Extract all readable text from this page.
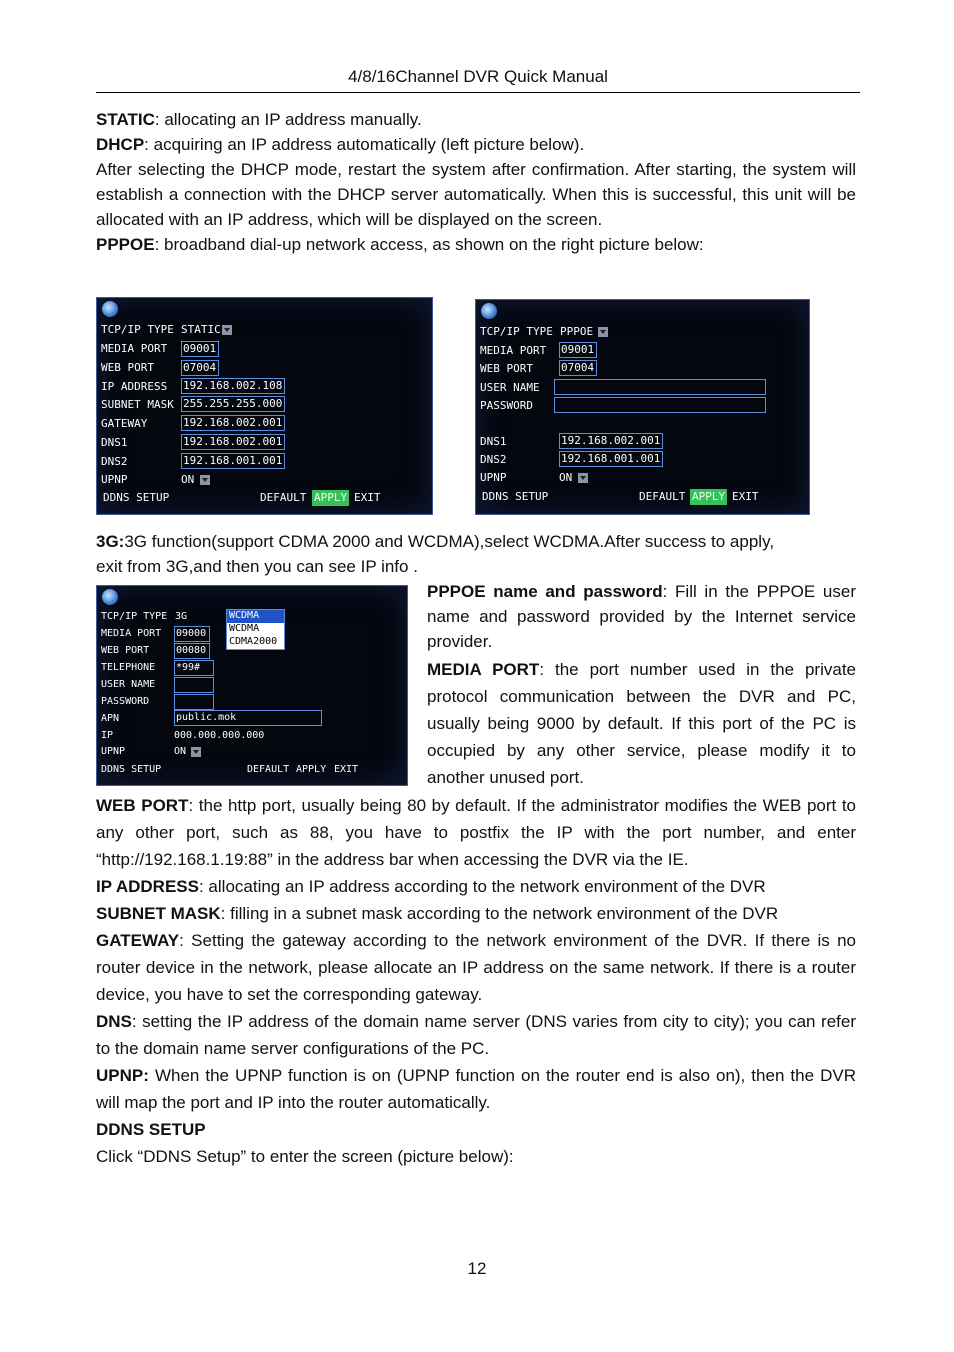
4/8/16Channel DVR Quick Manual

STATIC: allocating an IP address manually.

DHCP: acquiring an IP address automatically (left picture below).

After selecting the DHCP mode, restart the system after confirmation. After starting, the system will establish a connection with the DHCP server automatically. When this is successful, this unit will be allocated with an IP address, which will be displayed on the screen.

PPPOE: broadband dial-up network access, as shown on the right picture below:

TCP/IP TYPE STATIC
MEDIA PORT 09001
WEB PORT	07004
IP ADDRESS 192.168.002.108
SUBNET MASK 255.255.255.000
GATEWAY	192.168.002.001
DNS1	192.168.002.001
DNS2	192.168.001.001
UPNP	ON
DDNS SETUP	DEFAULT APPLY EXIT
TCP/IP TYPE PPPOE
MEDIA PORT 09001
WEB PORT	07004
USER NAME
PASSWORD
DNS1	192.168.002.001
DNS2	192.168.001.001
UPNP	ON
DDNS SETUP	DEFAULT APPLY EXIT

3G:3G function(support CDMA 2000 and WCDMA),select WCDMA.After success to apply,

exit from 3G,and then you can see IP info .

TCP/IP TYPE 3G	WCDMA
WCDMA
CDMA2000
MEDIA PORT 09000
WEB PORT	00080
TELEPHONE *99#
USER NAME
PASSWORD
APN	public.mok
IP	000.000.000.000
UPNP	ON
DDNS SETUP	DEFAULT APPLY EXIT

PPPOE name and password: Fill in the PPPOE user name and password provided by the Internet service provider.

MEDIA PORT: the port number used in the private protocol communication between the DVR and PC, usually being 9000 by default. If this port of the PC is occupied by any other service, please modify it to another unused port.

WEB PORT: the http port, usually being 80 by default. If the administrator modifies the WEB port to any other port, such as 88, you have to postfix the IP with the port number, and enter “http://192.168.1.19:88” in the address bar when accessing the DVR via the IE.

IP ADDRESS: allocating an IP address according to the network environment of the DVR

SUBNET MASK: filling in a subnet mask according to the network environment of the DVR

GATEWAY: Setting the gateway according to the network environment of the DVR. If there is no router device in the network, please allocate an IP address on the same network. If there is a router device, you have to set the corresponding gateway.

DNS: setting the IP address of the domain name server (DNS varies from city to city); you can refer to the domain name server configurations of the PC.

UPNP: When the UPNP function is on (UPNP function on the router end is also on), then the DVR will map the port and IP into the router automatically.

DDNS SETUP

Click “DDNS Setup” to enter the screen (picture below):

12
